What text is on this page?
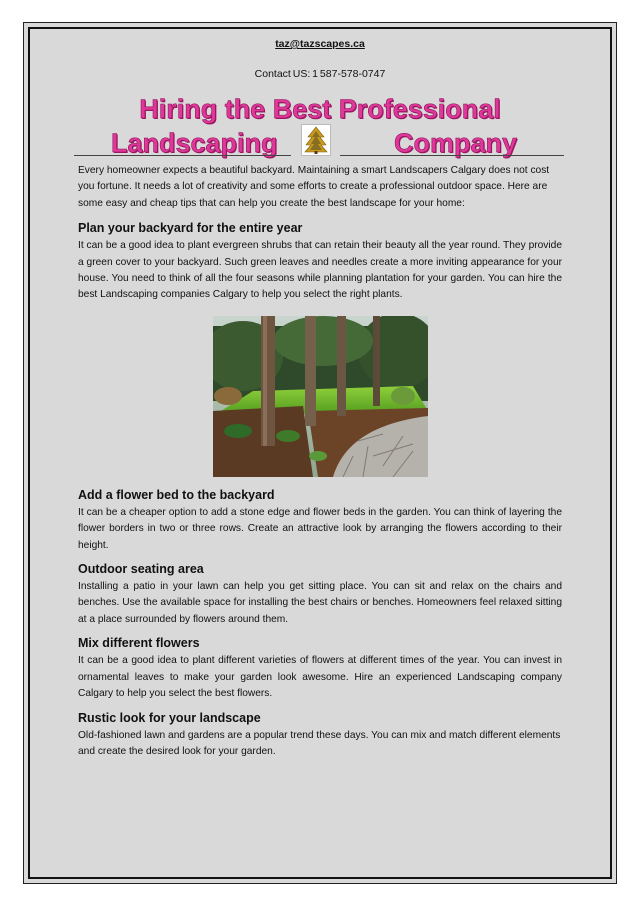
taz@tazscapes.ca
Contact US: 1 587-578-0747
Hiring the Best Professional
Landscaping	Company

Every homeowner expects a beautiful backyard. Maintaining a smart Landscapers Calgary does not cost you fortune. It needs a lot of creativity and some efforts to create a professional outdoor space. Here are some easy and cheap tips that can help you create the best landscape for your home:

Plan your backyard for the entire year

It can be a good idea to plant evergreen shrubs that can retain their beauty all the year round. They provide a green cover to your backyard. Such green leaves and needles create a more inviting appearance for your house. You need to think of all the four seasons while planning plantation for your garden. You can hire the best Landscaping companies Calgary to help you select the right plants.

Add a flower bed to the backyard

It can be a cheaper option to add a stone edge and flower beds in the garden. You can think of layering the flower borders in two or three rows. Create an attractive look by arranging the flowers according to their height.

Outdoor seating area

Installing a patio in your lawn can help you get sitting place. You can sit and relax on the chairs and benches. Use the available space for installing the best chairs or benches. Homeowners feel relaxed sitting at a place surrounded by flowers around them.

Mix different flowers

It can be a good idea to plant different varieties of flowers at different times of the year. You can invest in ornamental leaves to make your garden look awesome. Hire an experienced Landscaping company Calgary to help you select the best flowers.

Rustic look for your landscape

Old-fashioned lawn and gardens are a popular trend these days. You can mix and match different elements and create the desired look for your garden.
